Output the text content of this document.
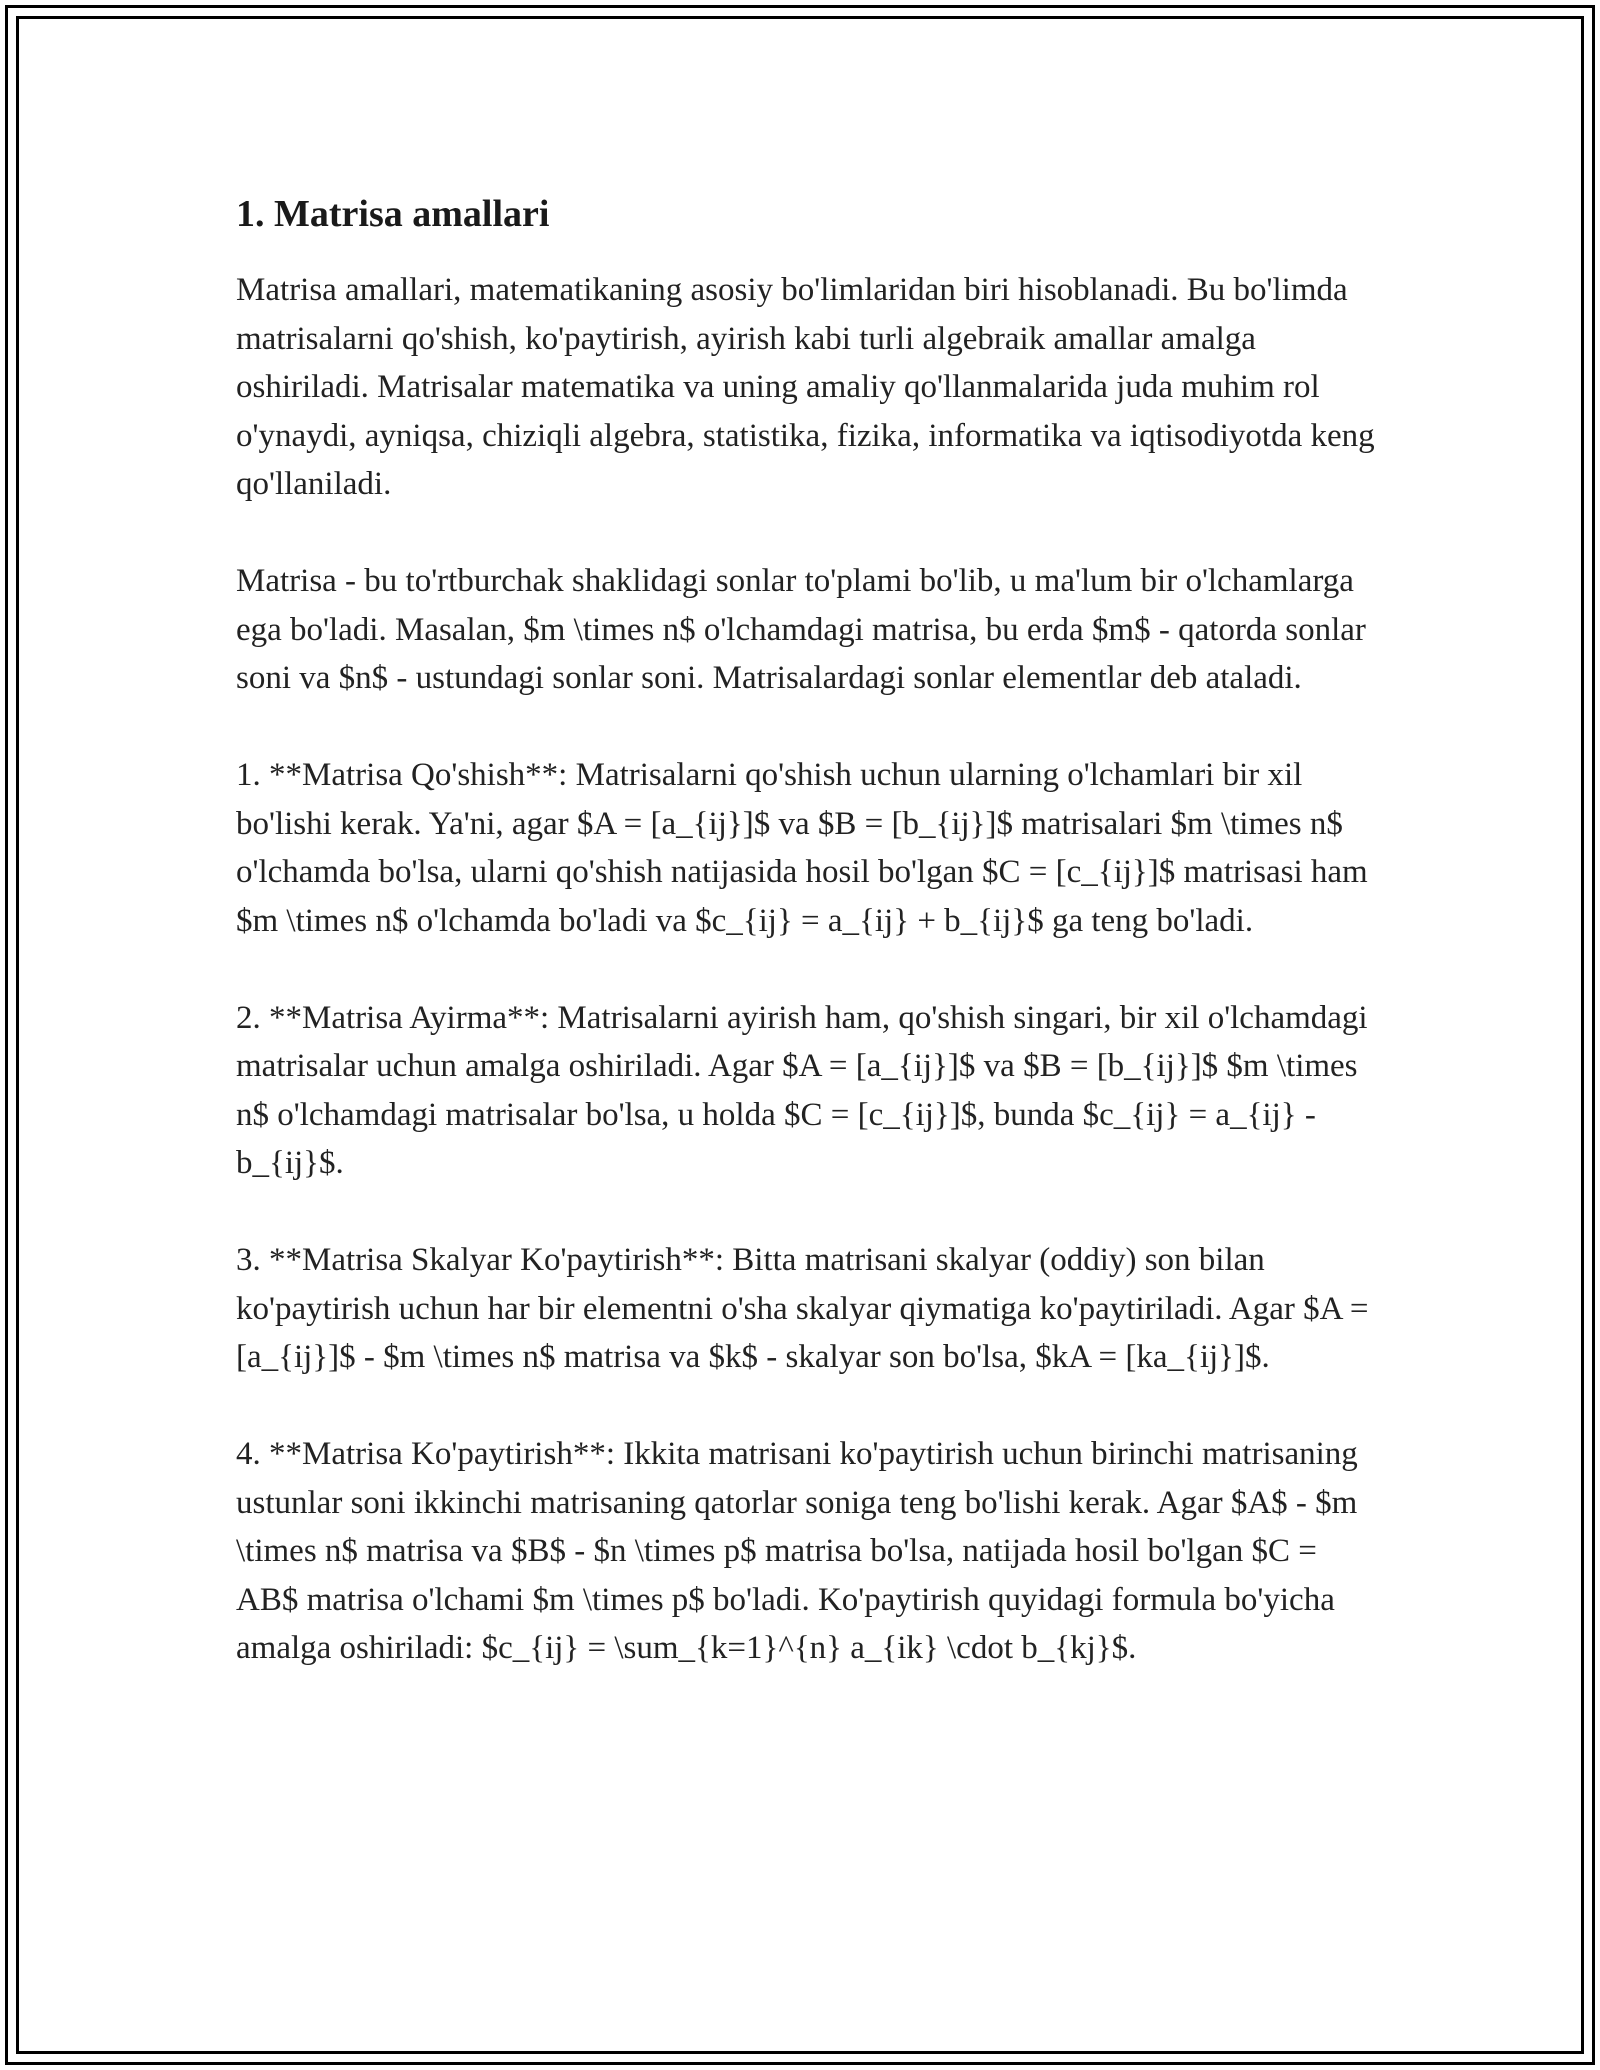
1. Matrisa amallari

Matrisa amallari, matematikaning asosiy bo'limlaridan biri hisoblanadi. Bu bo'limda matrisalarni qo'shish, ko'paytirish, ayirish kabi turli algebraik amallar amalga oshiriladi. Matrisalar matematika va uning amaliy qo'llanmalarida juda muhim rol o'ynaydi, ayniqsa, chiziqli algebra, statistika, fizika, informatika va iqtisodiyotda keng qo'llaniladi.

Matrisa - bu to'rtburchak shaklidagi sonlar to'plami bo'lib, u ma'lum bir o'lchamlarga ega bo'ladi. Masalan, $m \times n$ o'lchamdagi matrisa, bu erda $m$ - qatorda sonlar soni va $n$ - ustundagi sonlar soni. Matrisalardagi sonlar elementlar deb ataladi.

1. **Matrisa Qo'shish**: Matrisalarni qo'shish uchun ularning o'lchamlari bir xil bo'lishi kerak. Ya'ni, agar $A = [a_{ij}]$ va $B = [b_{ij}]$ matrisalari $m \times n$ o'lchamda bo'lsa, ularni qo'shish natijasida hosil bo'lgan $C = [c_{ij}]$ matrisasi ham $m \times n$ o'lchamda bo'ladi va $c_{ij} = a_{ij} + b_{ij}$ ga teng bo'ladi.

2. **Matrisa Ayirma**: Matrisalarni ayirish ham, qo'shish singari, bir xil o'lchamdagi matrisalar uchun amalga oshiriladi. Agar $A = [a_{ij}]$ va $B = [b_{ij}]$ $m \times n$ o'lchamdagi matrisalar bo'lsa, u holda $C = [c_{ij}]$, bunda $c_{ij} = a_{ij} - b_{ij}$.

3. **Matrisa Skalyar Ko'paytirish**: Bitta matrisani skalyar (oddiy) son bilan ko'paytirish uchun har bir elementni o'sha skalyar qiymatiga ko'paytiriladi. Agar $A = [a_{ij}]$ - $m \times n$ matrisa va $k$ - skalyar son bo'lsa, $kA = [ka_{ij}]$.

4. **Matrisa Ko'paytirish**: Ikkita matrisani ko'paytirish uchun birinchi matrisaning ustunlar soni ikkinchi matrisaning qatorlar soniga teng bo'lishi kerak. Agar $A$ - $m \times n$ matrisa va $B$ - $n \times p$ matrisa bo'lsa, natijada hosil bo'lgan $C = AB$ matrisa o'lchami $m \times p$ bo'ladi. Ko'paytirish quyidagi formula bo'yicha amalga oshiriladi: $c_{ij} = \sum_{k=1}^{n} a_{ik} \cdot b_{kj}$.
